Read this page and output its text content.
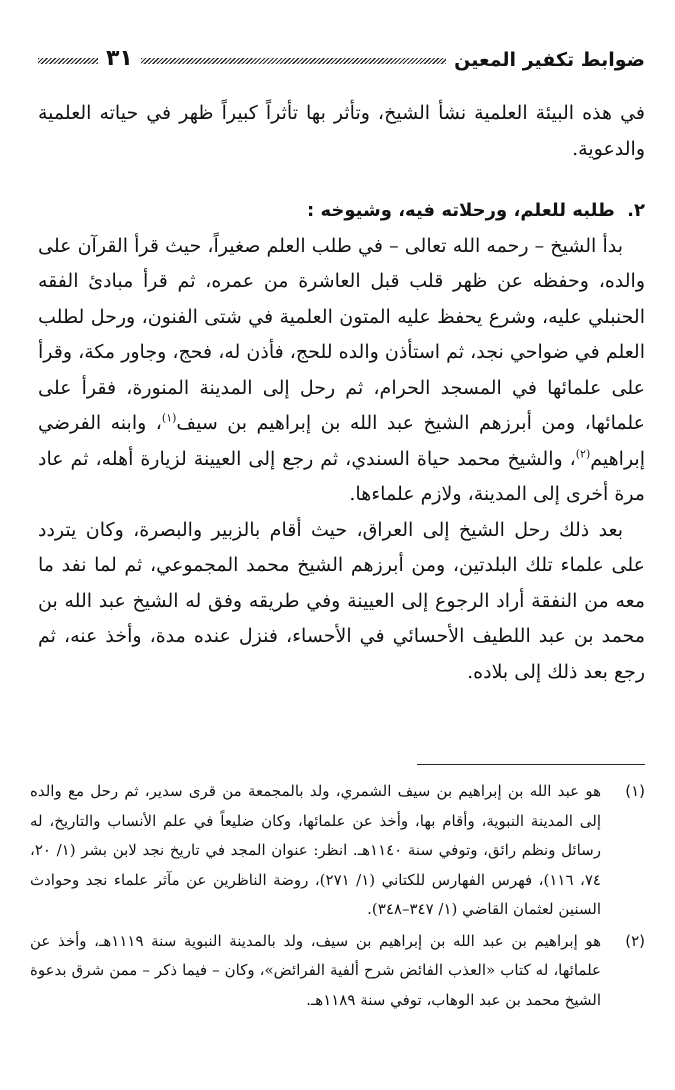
ضوابط تكفير المعين
٣١

في هذه البيئة العلمية نشأ الشيخ، وتأثر بها تأثراً كبيراً ظهر في حياته العلمية والدعوية.

٢. طلبه للعلم، ورحلاته فيه، وشيوخه :

بدأ الشيخ – رحمه الله تعالى – في طلب العلم صغيراً، حيث قرأ القرآن على والده، وحفظه عن ظهر قلب قبل العاشرة من عمره، ثم قرأ مبادئ الفقه الحنبلي عليه، وشرع يحفظ عليه المتون العلمية في شتى الفنون، ورحل لطلب العلم في ضواحي نجد، ثم استأذن والده للحج، فأذن له، فحج، وجاور مكة، وقرأ على علمائها في المسجد الحرام، ثم رحل إلى المدينة المنورة، فقرأ على علمائها، ومن أبرزهم الشيخ عبد الله بن إبراهيم بن سيف$^{(١)}$، وابنه الفرضي إبراهيم$^{(٢)}$، والشيخ محمد حياة السندي، ثم رجع إلى العيينة لزيارة أهله، ثم عاد مرة أخرى إلى المدينة، ولازم علماءها.

بعد ذلك رحل الشيخ إلى العراق، حيث أقام بالزبير والبصرة، وكان يتردد على علماء تلك البلدتين، ومن أبرزهم الشيخ محمد المجموعي، ثم لما نفد ما معه من النفقة أراد الرجوع إلى العيينة وفي طريقه وفق له الشيخ عبد الله بن محمد بن عبد اللطيف الأحسائي في الأحساء، فنزل عنده مدة، وأخذ عنه، ثم رجع بعد ذلك إلى بلاده.

(١)
هو عبد الله بن إبراهيم بن سيف الشمري، ولد بالمجمعة من قرى سدير، ثم رحل مع والده إلى المدينة النبوية، وأقام بها، وأخذ عن علمائها، وكان ضليعاً في علم الأنساب والتاريخ، له رسائل ونظم رائق، وتوفي سنة ١١٤٠هـ. انظر: عنوان المجد في تاريخ نجد لابن بشر (١/ ٢٠، ٧٤، ١١٦)، فهرس الفهارس للكتاني (١/ ٢٧١)، روضة الناظرين عن مآثر علماء نجد وحوادث السنين لعثمان القاضي (١/ ٣٤٧–٣٤٨).
(٢)
هو إبراهيم بن عبد الله بن إبراهيم بن سيف، ولد بالمدينة النبوية سنة ١١١٩هـ، وأخذ عن علمائها، له كتاب «العذب الفائض شرح ألفية الفرائض»، وكان – فيما ذكر – ممن شرق بدعوة الشيخ محمد بن عبد الوهاب، توفي سنة ١١٨٩هـ.
